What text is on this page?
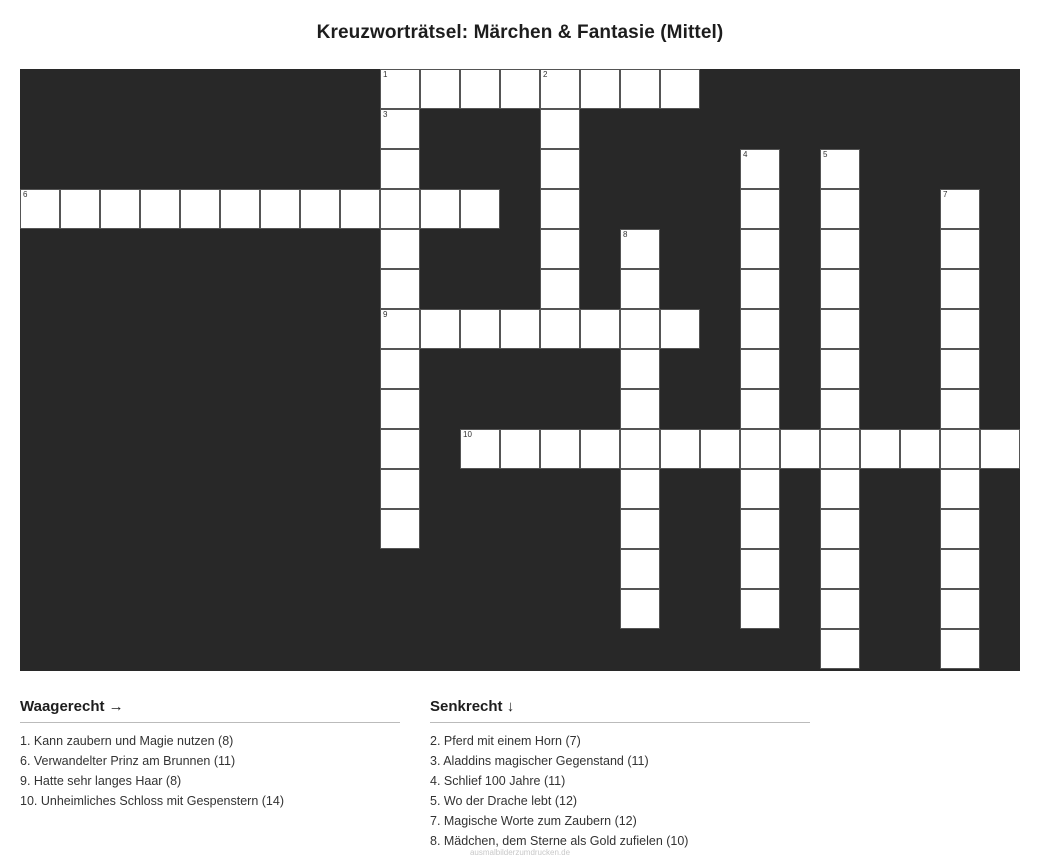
Kreuzworträtsel: Märchen & Fantasie (Mittel)
1	2
3
4	5
6	7
8
9
10
Waagerecht →
1. Kann zaubern und Magie nutzen (8)
6. Verwandelter Prinz am Brunnen (11)
9. Hatte sehr langes Haar (8)
10. Unheimliches Schloss mit Gespenstern (14)
Senkrecht ↓
2. Pferd mit einem Horn (7)
3. Aladdins magischer Gegenstand (11)
4. Schlief 100 Jahre (11)
5. Wo der Drache lebt (12)
7. Magische Worte zum Zaubern (12)
8. Mädchen, dem Sterne als Gold zufielen (10)
ausmalbilderzumdrucken.de
